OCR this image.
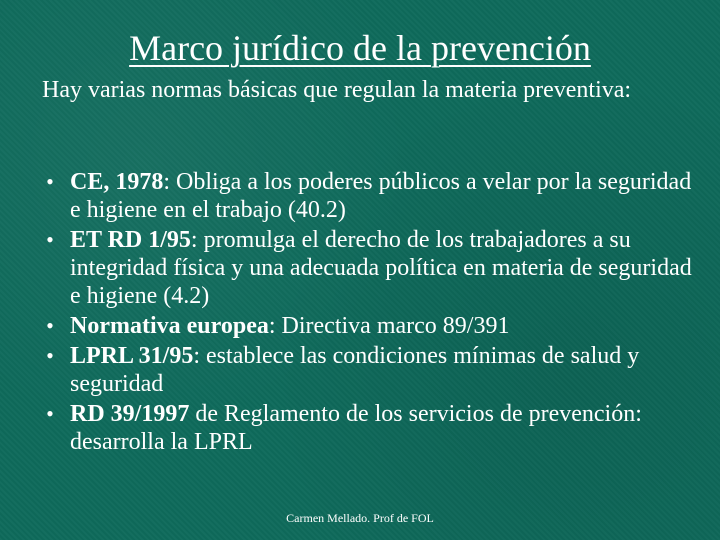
Marco jurídico de la prevención
Hay varias normas básicas que regulan la materia preventiva:
• CE, 1978: Obliga a los poderes públicos a velar por la seguridad e higiene en el trabajo (40.2)
• ET RD 1/95: promulga el derecho de los trabajadores a su integridad física y una adecuada política en materia de seguridad e higiene (4.2)
• Normativa europea: Directiva marco 89/391
• LPRL 31/95: establece las condiciones mínimas de salud y seguridad
• RD 39/1997 de Reglamento de los servicios de prevención: desarrolla la LPRL
Carmen Mellado. Prof de FOL
